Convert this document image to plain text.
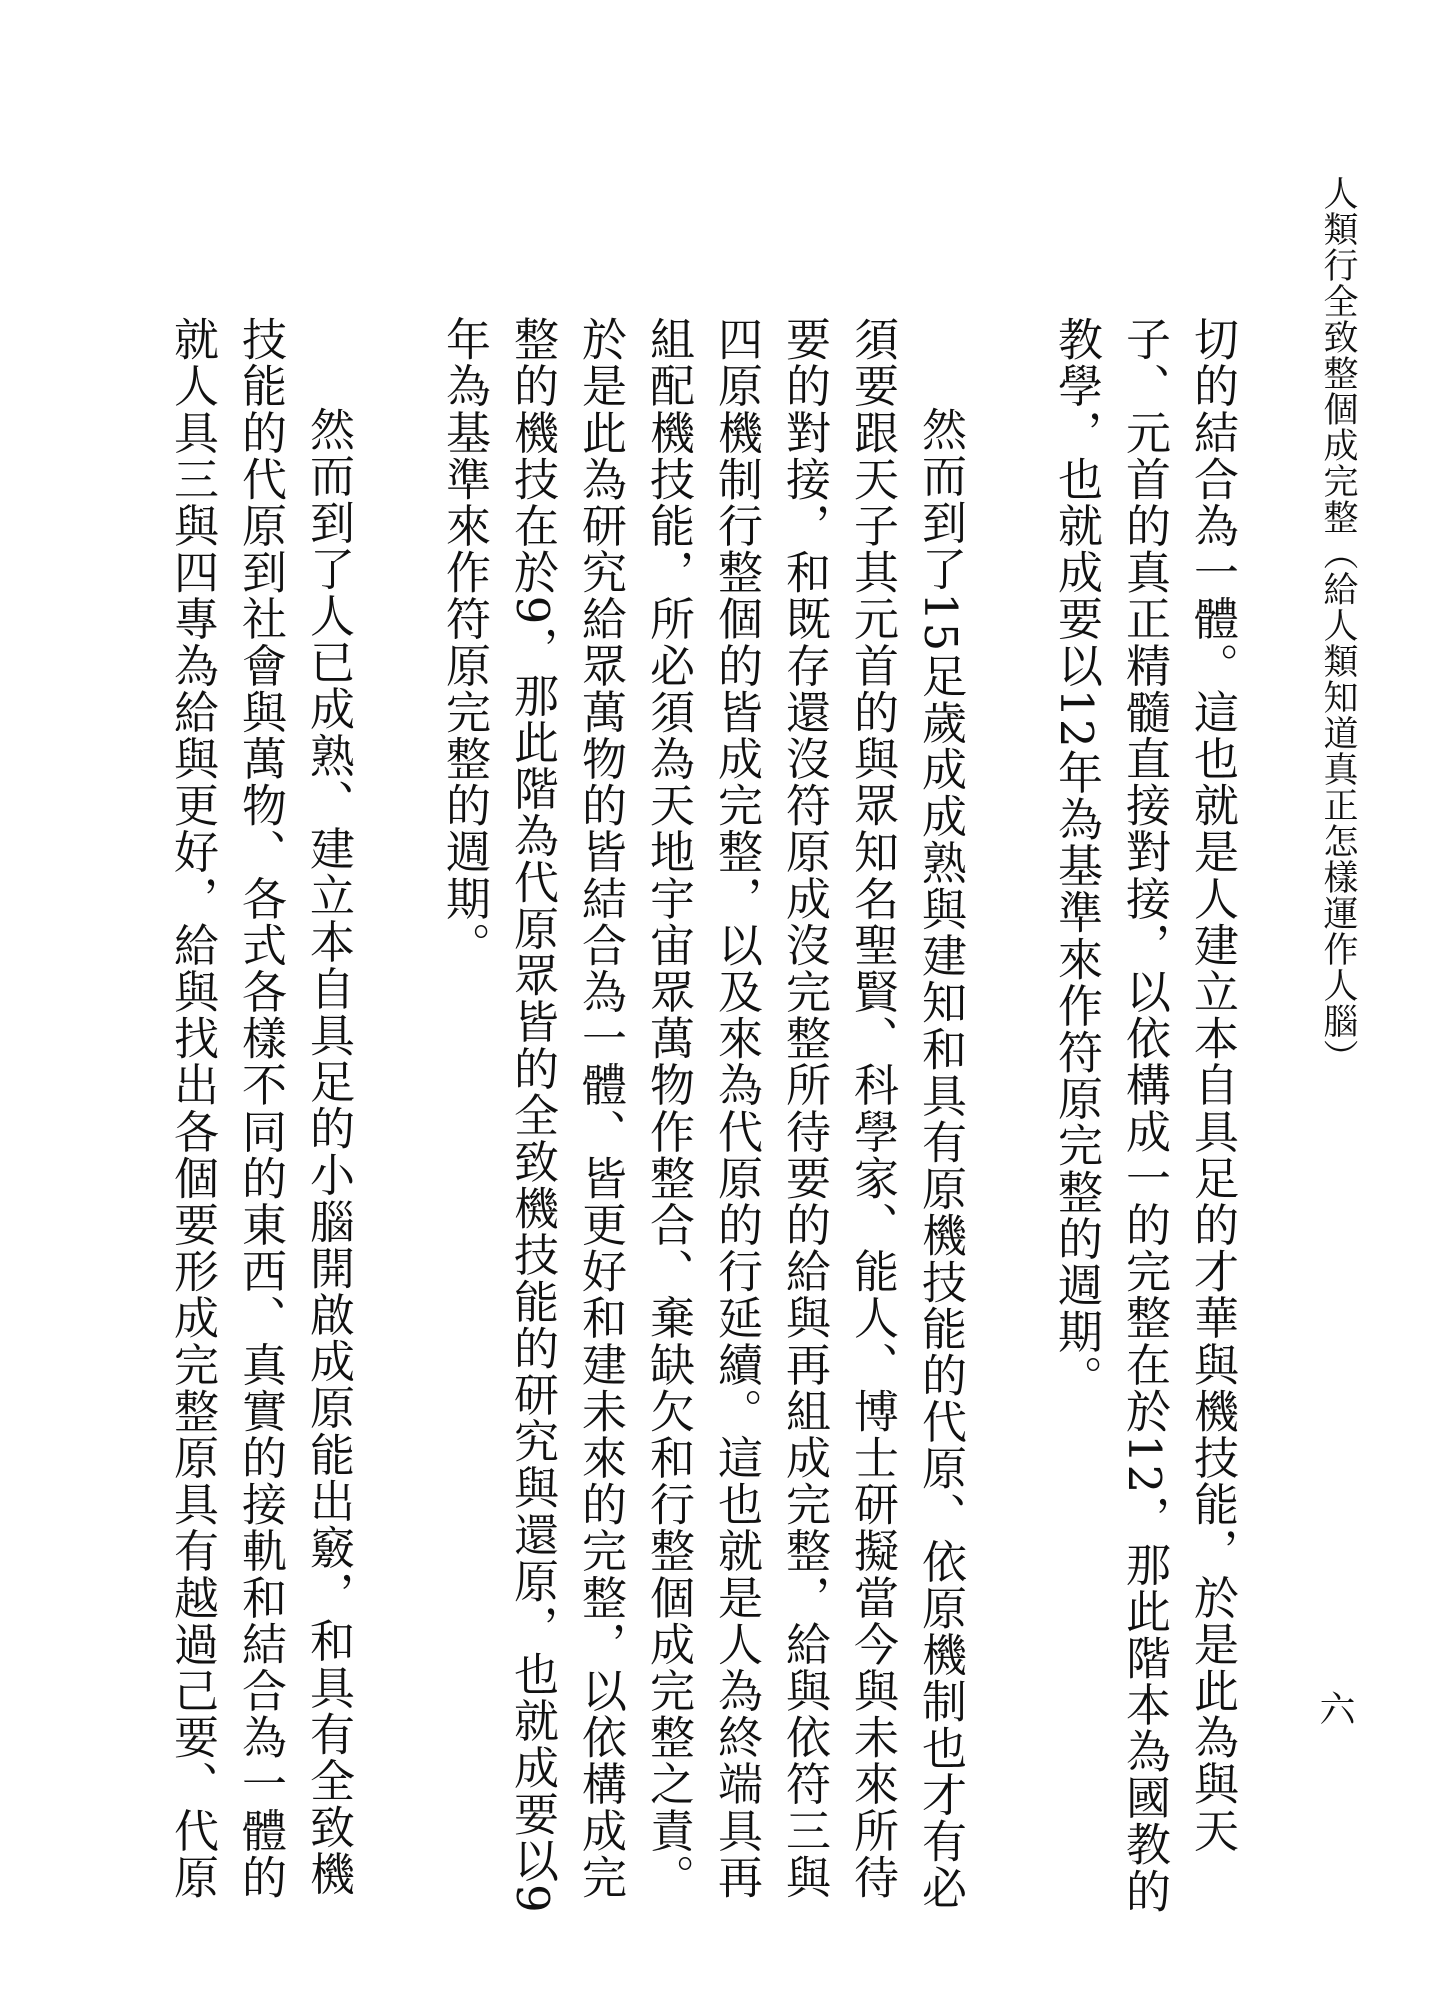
人類行全致整個成完整（給人類知道真正怎樣運作人腦）
六

切的結合為一體。這也就是人建立本自具足的才華與機技能，於是此為與天子、元首的真正精髓直接對接，以依構成一的完整在於12，那此階本為國教的教學，也就成要以12年為基準來作符原完整的週期。

然而到了15足歲成成熟與建知和具有原機技能的代原、依原機制也才有必須要跟天子其元首的與眾知名聖賢、科學家、能人、博士研擬當今與未來所待要的對接，和既存還沒符原成沒完整所待要的給與再組成完整，給與依符三與四原機制行整個的皆成完整，以及來為代原的行延續。這也就是人為終端具再組配機技能，所必須為天地宇宙眾萬物作整合、棄缺欠和行整個成完整之責。於是此為研究給眾萬物的皆結合為一體、皆更好和建未來的完整，以依構成完整的機技在於9，那此階為代原眾皆的全致機技能的研究與還原，也就成要以9年為基準來作符原完整的週期。

然而到了人已成熟、建立本自具足的小腦開啟成原能出竅，和具有全致機技能的代原到社會與萬物、各式各樣不同的東西、真實的接軌和結合為一體的就人具三與四專為給與更好，給與找出各個要形成完整原具有越過己要、代原
